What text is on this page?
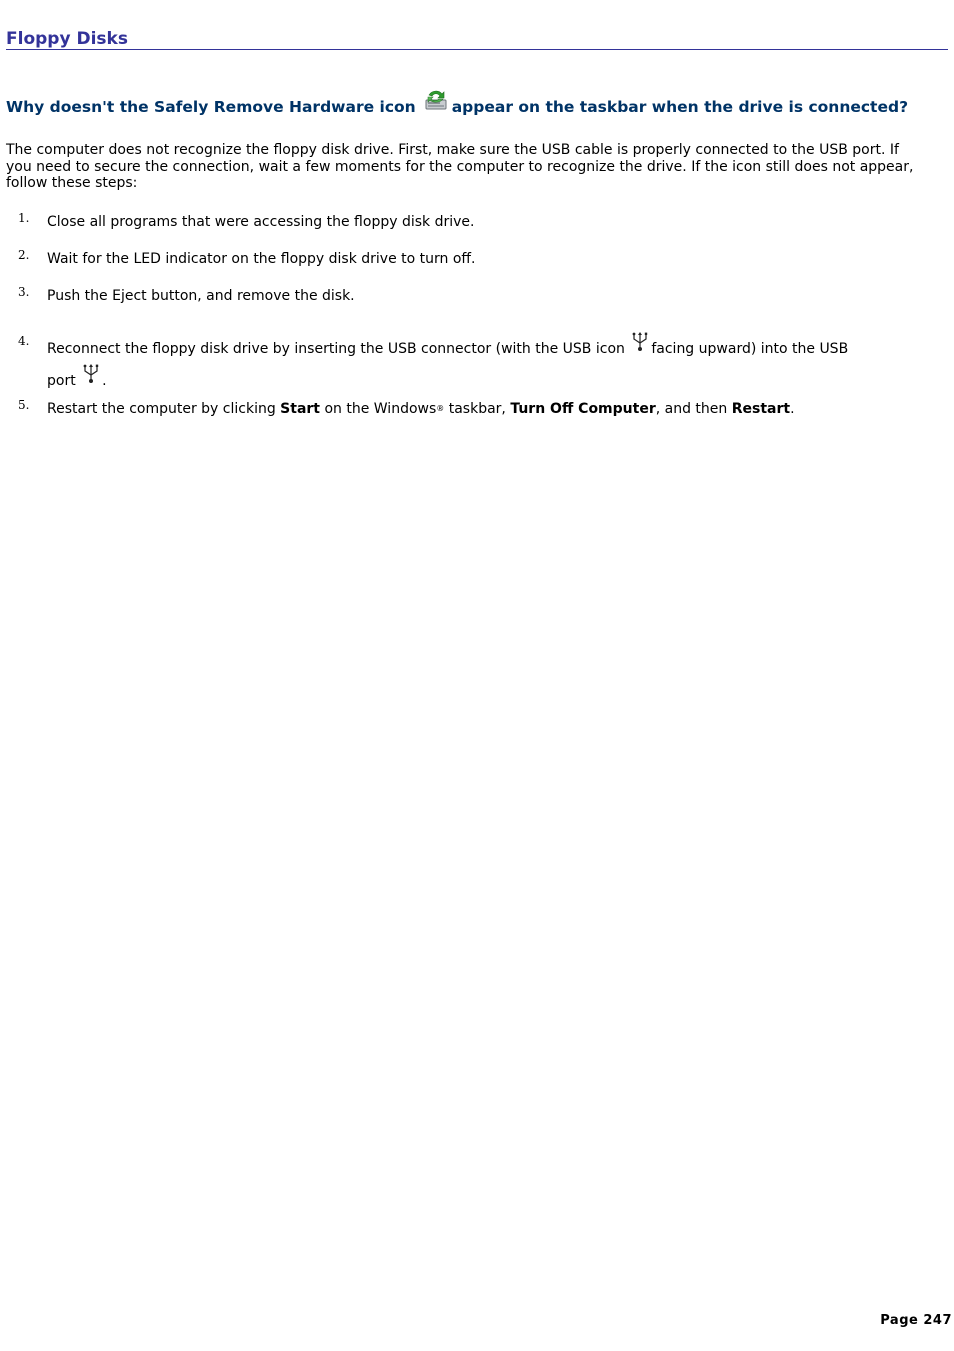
Floppy Disks
Why doesn't the Safely Remove Hardware icon appear on the taskbar when the drive is connected?

The computer does not recognize the floppy disk drive. First, make sure the USB cable is properly connected to the USB port. If you need to secure the connection, wait a few moments for the computer to recognize the drive. If the icon still does not appear, follow these steps:

1. Close all programs that were accessing the floppy disk drive.
2. Wait for the LED indicator on the floppy disk drive to turn off.
3. Push the Eject button, and remove the disk.
4. Reconnect the floppy disk drive by inserting the USB connector (with the USB icon facing upward) into the USB
port .
5. Restart the computer by clicking Start on the Windows® taskbar, Turn Off Computer, and then Restart.
Page 247
